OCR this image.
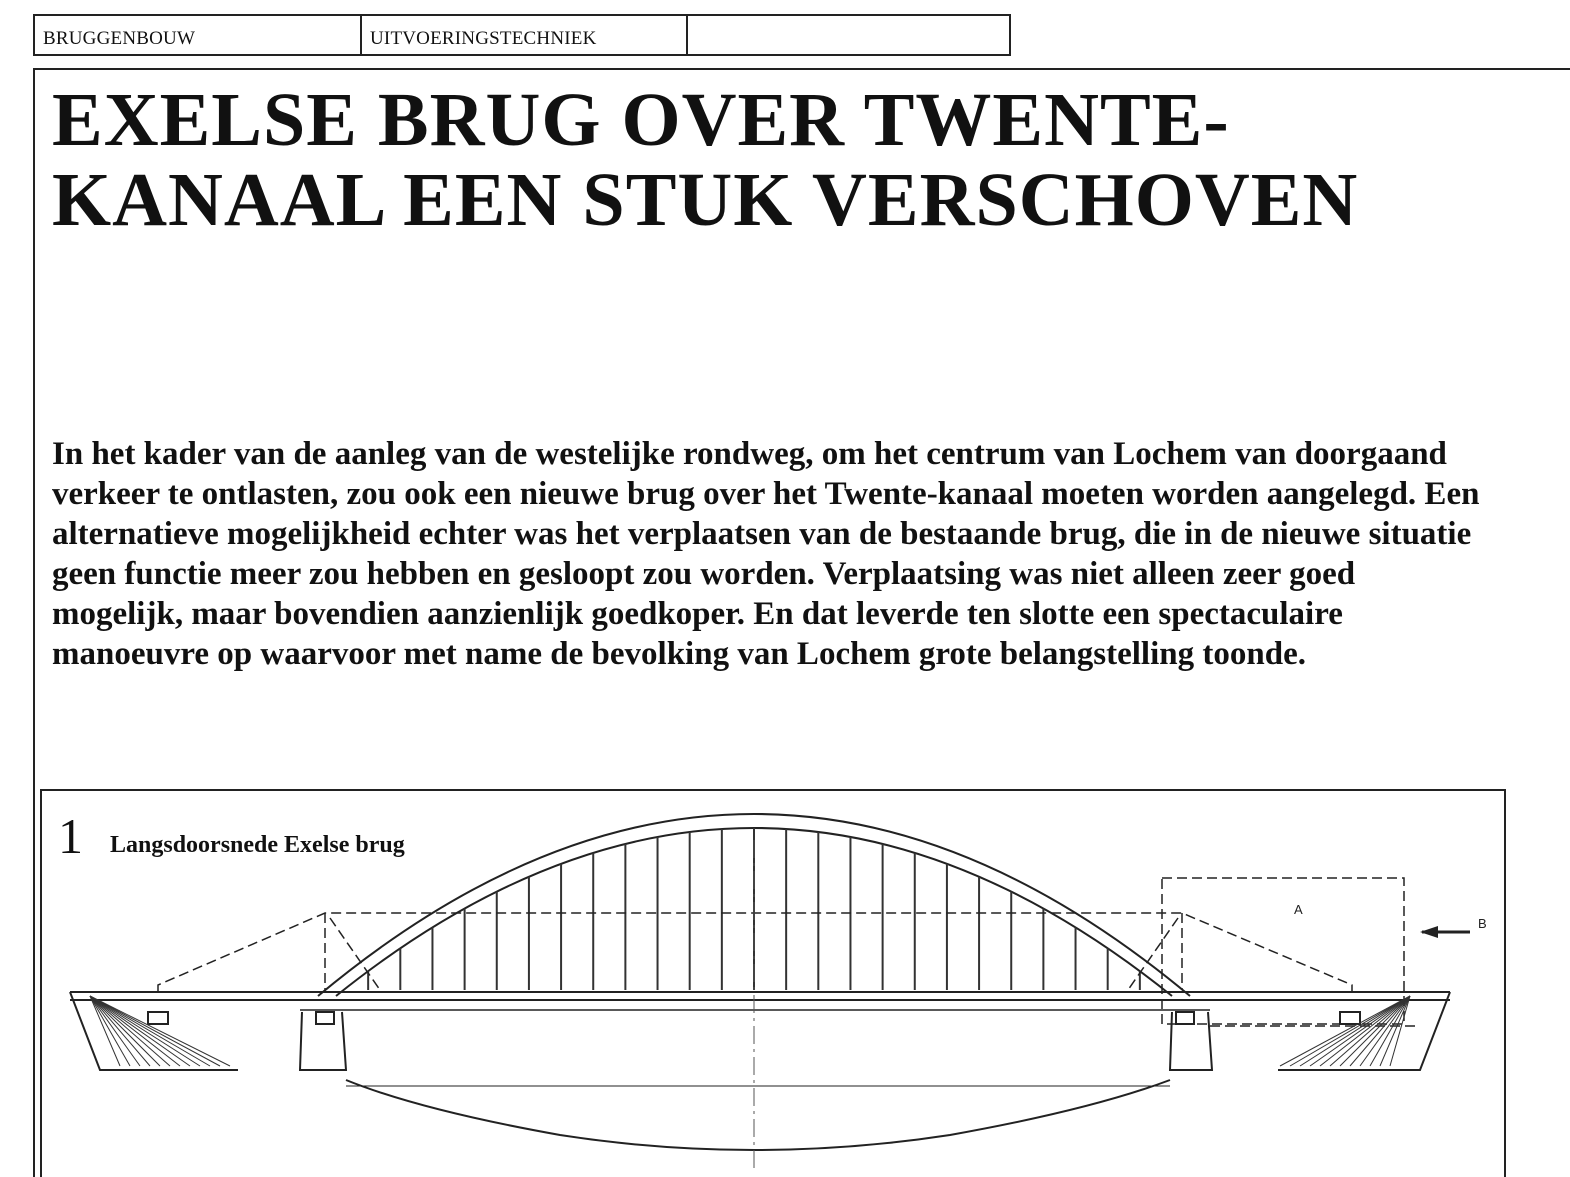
BRUGGENBOUW	UITVOERINGSTECHNIEK
EXELSE BRUG OVER TWENTE-KANAAL EEN STUK VERSCHOVEN

In het kader van de aanleg van de westelijke rondweg, om het centrum van Lochem van doorgaand verkeer te ontlasten, zou ook een nieuwe brug over het Twente-kanaal moeten worden aangelegd. Een alternatieve mogelijkheid echter was het verplaatsen van de bestaande brug, die in de nieuwe situatie geen functie meer zou hebben en gesloopt zou worden. Verplaatsing was niet alleen zeer goed mogelijk, maar bovendien aanzienlijk goedkoper. En dat leverde ten slotte een spectaculaire manoeuvre op waarvoor met name de bevolking van Lochem grote belangstelling toonde.

1 Langsdoorsnede Exelse brug
A
B
